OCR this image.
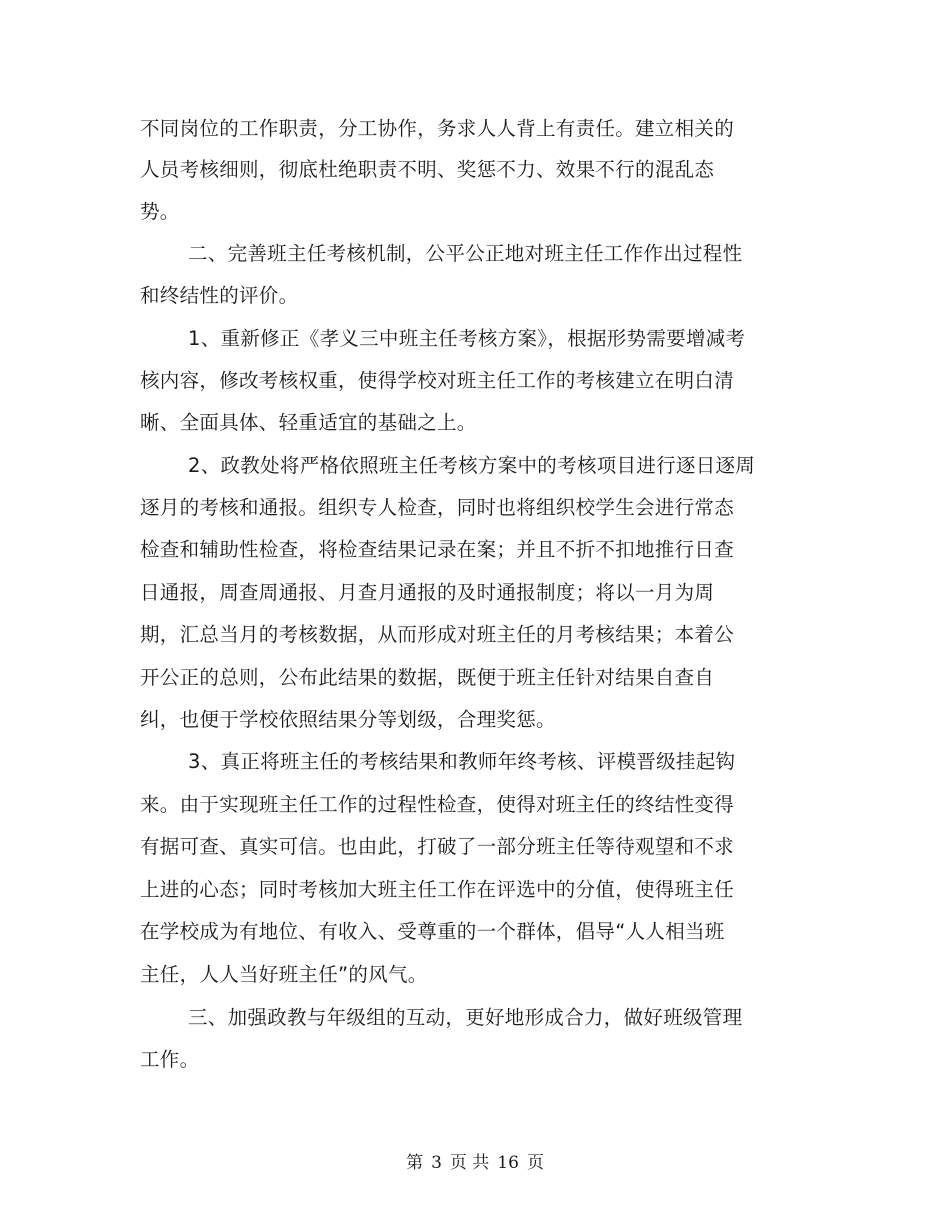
不同岗位的工作职责，分工协作，务求人人背上有责任。建立相关的
人员考核细则，彻底杜绝职责不明、奖惩不力、效果不行的混乱态
势。
二、完善班主任考核机制，公平公正地对班主任工作作出过程性
和终结性的评价。
1、重新修正《孝义三中班主任考核方案》，根据形势需要增减考
核内容，修改考核权重，使得学校对班主任工作的考核建立在明白清
晰、全面具体、轻重适宜的基础之上。
2、政教处将严格依照班主任考核方案中的考核项目进行逐日逐周
逐月的考核和通报。组织专人检查，同时也将组织校学生会进行常态
检查和辅助性检查，将检查结果记录在案；并且不折不扣地推行日查
日通报，周查周通报、月查月通报的及时通报制度；将以一月为周
期，汇总当月的考核数据，从而形成对班主任的月考核结果；本着公
开公正的总则，公布此结果的数据，既便于班主任针对结果自查自
纠，也便于学校依照结果分等划级，合理奖惩。
3、真正将班主任的考核结果和教师年终考核、评模晋级挂起钩
来。由于实现班主任工作的过程性检查，使得对班主任的终结性变得
有据可查、真实可信。也由此，打破了一部分班主任等待观望和不求
上进的心态；同时考核加大班主任工作在评选中的分值，使得班主任
在学校成为有地位、有收入、受尊重的一个群体，倡导“人人相当班
主任，人人当好班主任”的风气。
三、加强政教与年级组的互动，更好地形成合力，做好班级管理
工作。
第 3 页 共 16 页
